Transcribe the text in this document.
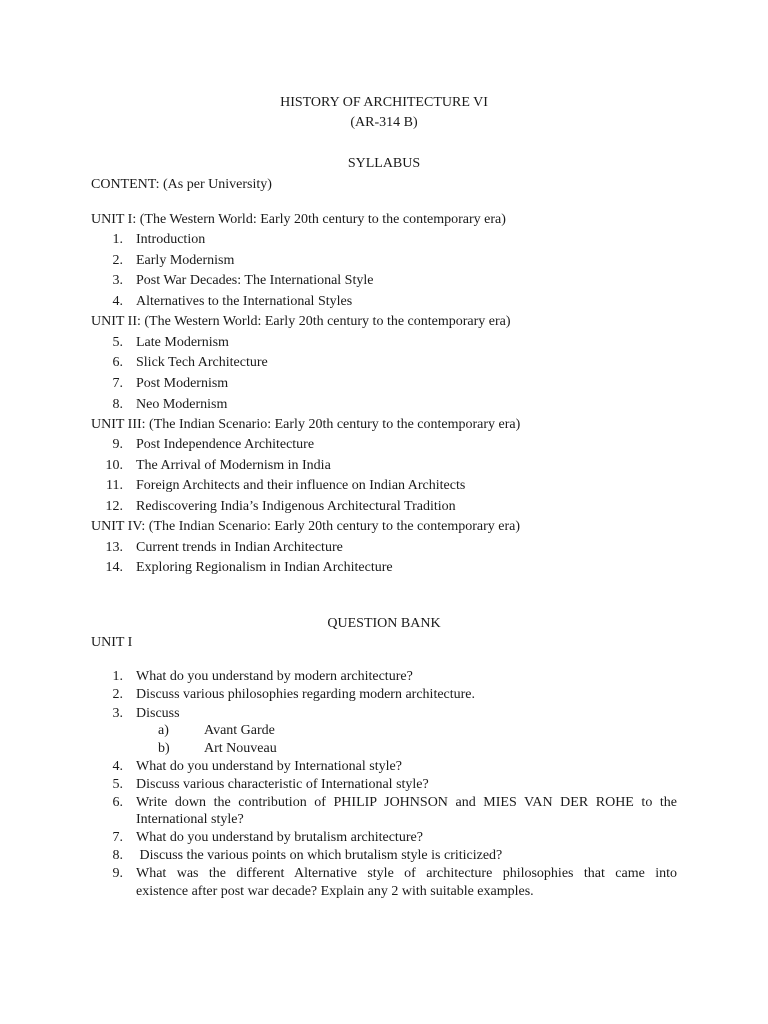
HISTORY OF ARCHITECTURE VI
(AR-314 B)
SYLLABUS
CONTENT: (As per University)
UNIT I: (The Western World: Early 20th century to the contemporary era)
1. Introduction
2. Early Modernism
3. Post War Decades: The International Style
4. Alternatives to the International Styles
UNIT II: (The Western World: Early 20th century to the contemporary era)
5. Late Modernism
6. Slick Tech Architecture
7. Post Modernism
8. Neo Modernism
UNIT III: (The Indian Scenario: Early 20th century to the contemporary era)
9. Post Independence Architecture
10. The Arrival of Modernism in India
11. Foreign Architects and their influence on Indian Architects
12. Rediscovering India’s Indigenous Architectural Tradition
UNIT IV: (The Indian Scenario: Early 20th century to the contemporary era)
13. Current trends in Indian Architecture
14. Exploring Regionalism in Indian Architecture
QUESTION BANK
UNIT I
1. What do you understand by modern architecture?
2. Discuss various philosophies regarding modern architecture.
3. Discuss
a)	Avant Garde
b) Art Nouveau
4. What do you understand by International style?
5. Discuss various characteristic of International style?
6. Write down the contribution of PHILIP JOHNSON and MIES VAN DER ROHE to the
International style?
7. What do you understand by brutalism architecture?
8. Discuss the various points on which brutalism style is criticized?
9. What was the different Alternative style of architecture philosophies that came into
existence after post war decade? Explain any 2 with suitable examples.
